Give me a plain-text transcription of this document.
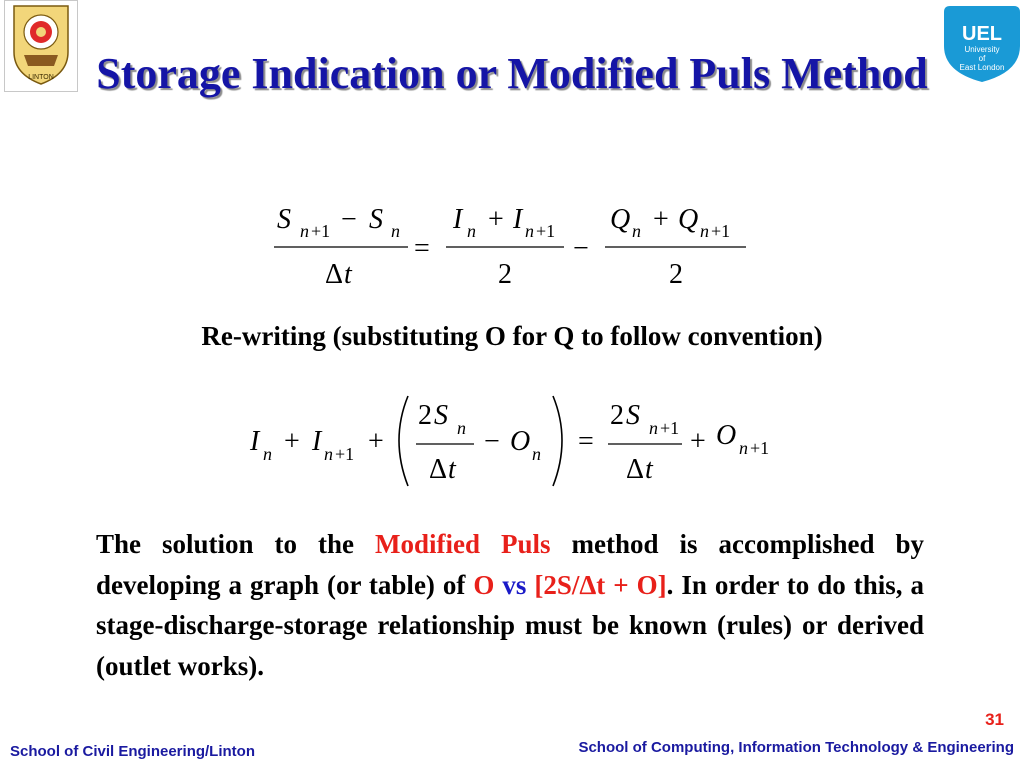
LINTON
UEL
University
of
East London
Storage Indication or Modified Puls Method
S n +1 − S n
Δ t
=
I n + I n +1
2
−
Q n + Q n +1
2
Re-writing (substituting O for Q to follow convention)
I n + I n +1 +
2 S n
Δ t
− O n =
2 S n +1
Δ t
+ O n +1
The solution to the Modified Puls method is accomplished by developing a graph (or table) of O vs [2S/Δt + O]. In order to do this, a stage-discharge-storage relationship must be known (rules) or derived (outlet works).
31
School of Civil Engineering/Linton	School of Computing, Information Technology & Engineering
